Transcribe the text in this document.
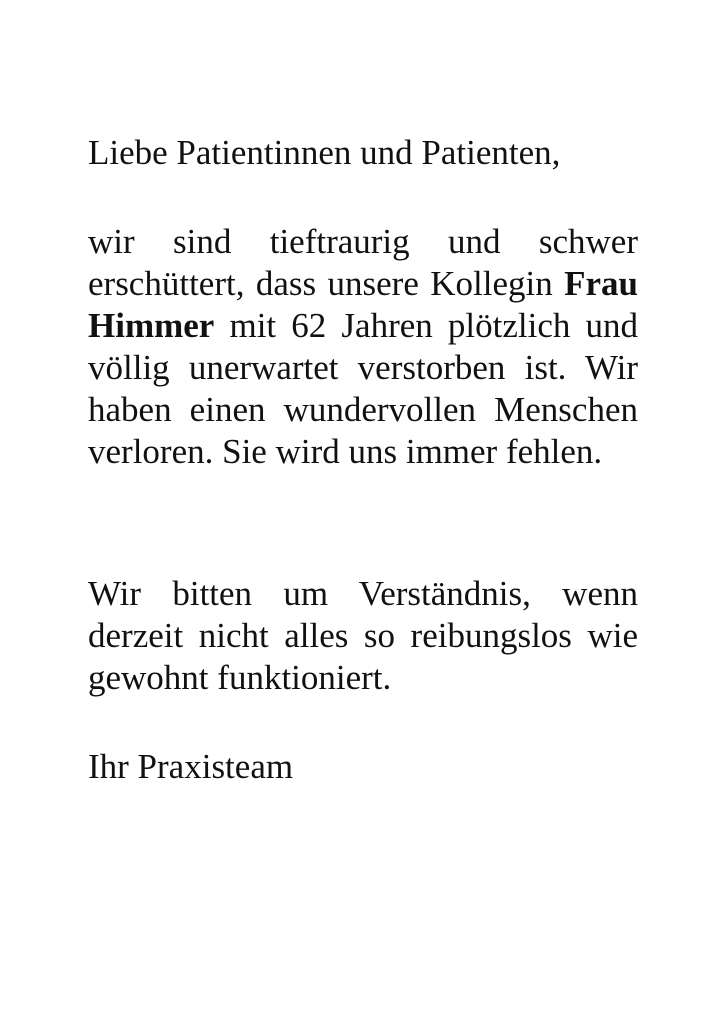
Liebe Patientinnen und Patienten,

wir sind tieftraurig und schwer erschüttert, dass unsere Kollegin Frau Himmer mit 62 Jahren plötzlich und völlig unerwartet verstorben ist. Wir haben einen wundervollen Menschen verloren. Sie wird uns immer fehlen.

Wir bitten um Verständnis, wenn derzeit nicht alles so reibungslos wie gewohnt funktioniert.

Ihr Praxisteam
